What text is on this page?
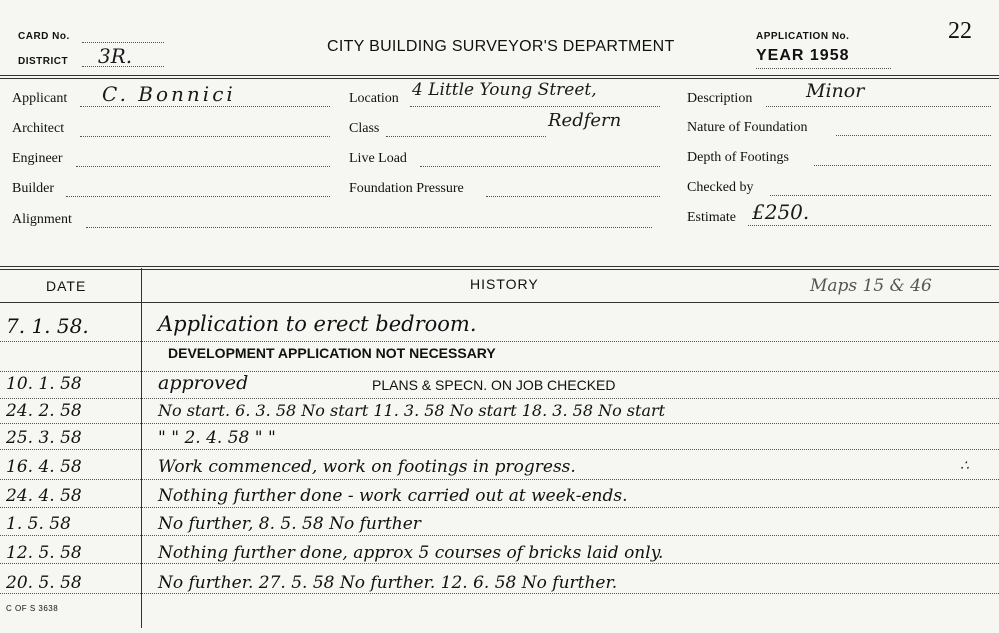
CARD No.
DISTRICT 3R.	CITY BUILDING SURVEYOR'S DEPARTMENT
APPLICATION No.
YEAR 1958
22
Applicant C. Bonnici
Architect
Engineer
Builder
Alignment
Location 4 Little Young Street,
Redfern
Class
Live Load
Foundation Pressure
Description	Minor
Nature of Foundation
Depth of Footings
Checked by
Estimate £250.
DATE	HISTORY	Maps 15 & 46
7. 1. 58.	Application to erect bedroom.
DEVELOPMENT APPLICATION NOT NECESSARY
10. 1. 58	approved	PLANS & SPECN. ON JOB CHECKED
24. 2. 58	No start. 6. 3. 58 No start 11. 3. 58 No start 18. 3. 58 No start
25. 3. 58	" " 2. 4. 58 " "
16. 4. 58	Work commenced, work on footings in progress.	∴
24. 4. 58	Nothing further done - work carried out at week-ends.
1. 5. 58	No further, 8. 5. 58 No further
12. 5. 58	Nothing further done, approx 5 courses of bricks laid only.
20. 5. 58	No further. 27. 5. 58 No further. 12. 6. 58 No further.
C OF S 3638
